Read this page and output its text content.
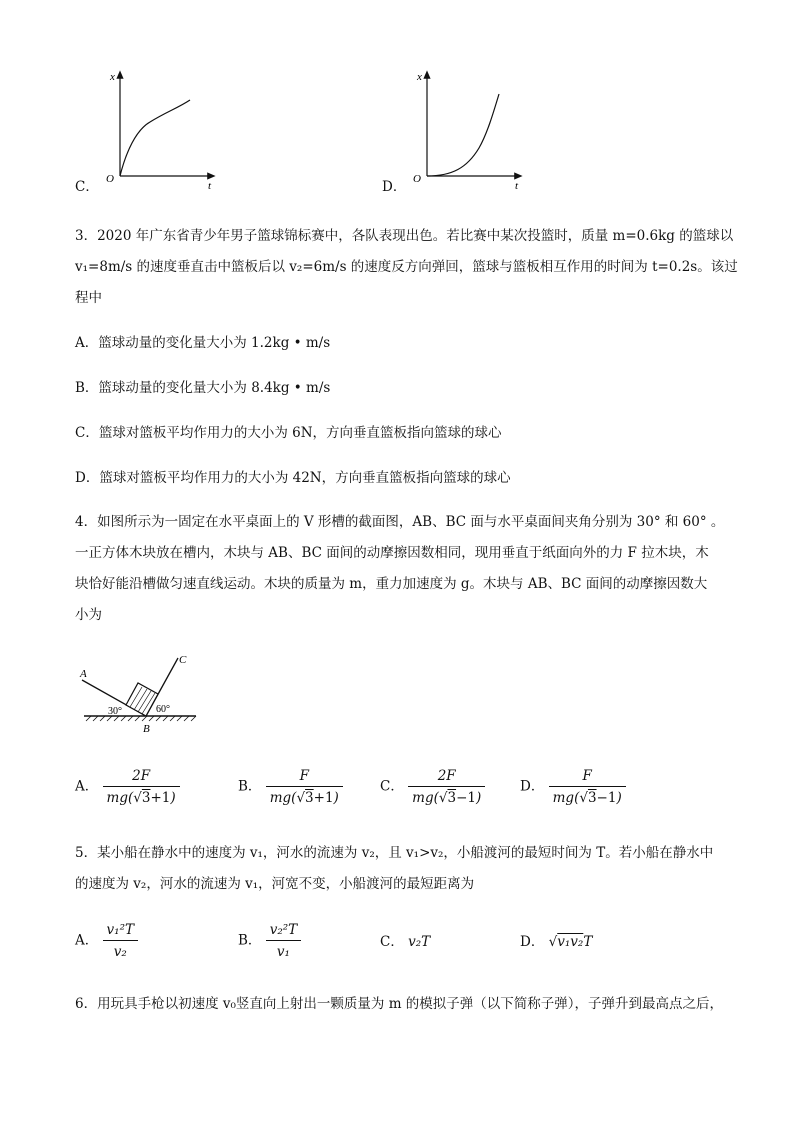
C．
x
t
O	D．
x
t
O
3．2020 年广东省青少年男子篮球锦标赛中，各队表现出色。若比赛中某次投篮时，质量 m=0.6kg 的篮球以
v₁=8m/s 的速度垂直击中篮板后以 v₂=6m/s 的速度反方向弹回，篮球与篮板相互作用的时间为 t=0.2s。该过
程中
A．篮球动量的变化量大小为 1.2kg • m/s
B．篮球动量的变化量大小为 8.4kg • m/s
C．篮球对篮板平均作用力的大小为 6N，方向垂直篮板指向篮球的球心
D．篮球对篮板平均作用力的大小为 42N，方向垂直篮板指向篮球的球心
4．如图所示为一固定在水平桌面上的 V 形槽的截面图，AB、BC 面与水平桌面间夹角分别为 30° 和 60° 。
一正方体木块放在槽内，木块与 AB、BC 面间的动摩擦因数相同，现用垂直于纸面向外的力 F 拉木块，木
块恰好能沿槽做匀速直线运动。木块的质量为 m，重力加速度为 g。木块与 AB、BC 面间的动摩擦因数大
小为
A
C
B
30°	60°
A． $\frac{2F}{mg(√3+1)}$	B． $\frac{F}{mg(√3+1)}$	C． $\frac{2F}{mg(√3-1)}$	D． $\frac{F}{mg(√3-1)}$
5．某小船在静水中的速度为 v₁，河水的流速为 v₂，且 v₁>v₂，小船渡河的最短时间为 T。若小船在静水中
的速度为 v₂，河水的流速为 v₁，河宽不变，小船渡河的最短距离为
A． $\frac{\text{v₁²T}}{\text{v₂}}$	B． $\frac{\text{v₂²T}}{\text{v₁}}$	C． v₂T	D． √v₁v₂T
6．用玩具手枪以初速度 v₀竖直向上射出一颗质量为 m 的模拟子弹（以下简称子弹），子弹升到最高点之后，
